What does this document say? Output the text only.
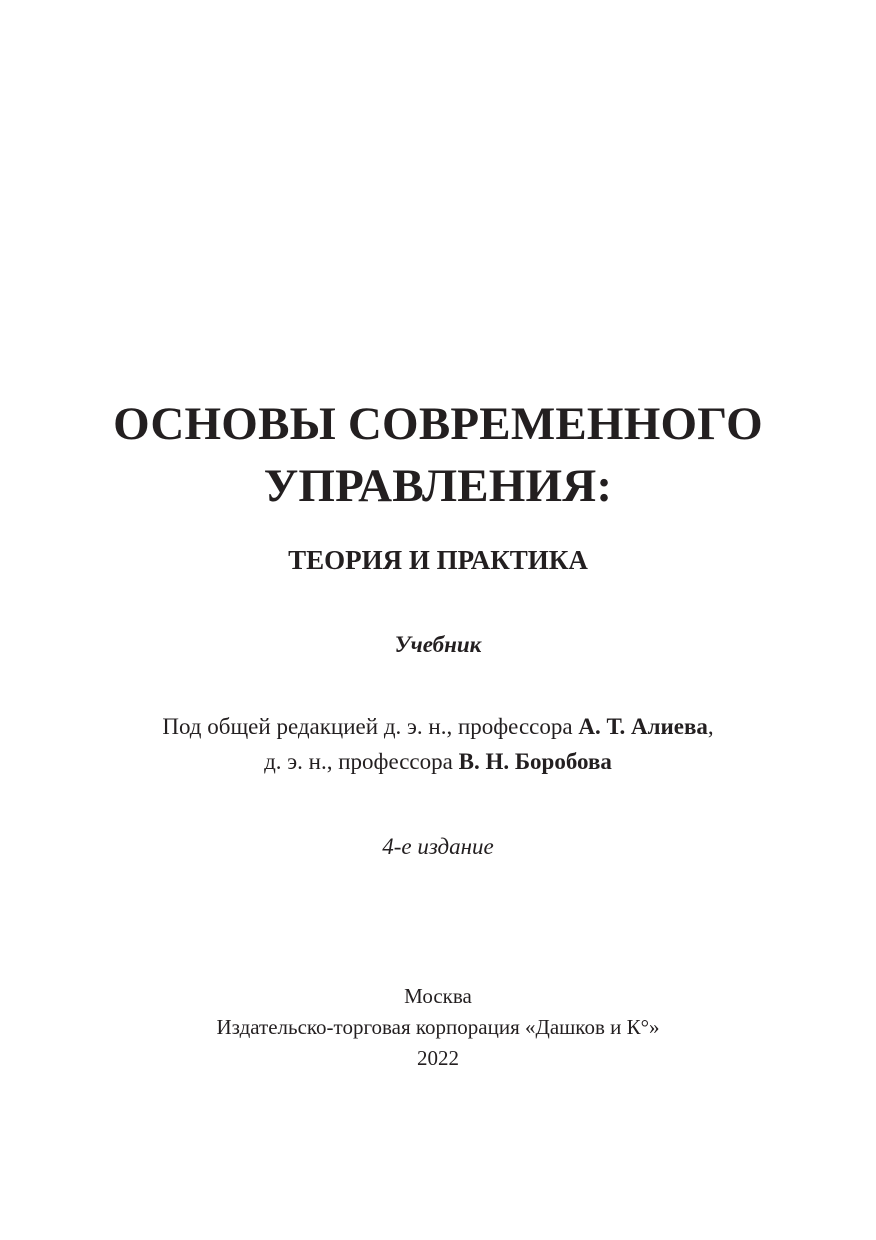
ОСНОВЫ СОВРЕМЕННОГО
УПРАВЛЕНИЯ:
ТЕОРИЯ И ПРАКТИКА
Учебник
Под общей редакцией д. э. н., профессора А. Т. Алиева,
д. э. н., профессора В. Н. Боробова
4-е издание
Москва
Издательско-торговая корпорация «Дашков и К°»
2022
